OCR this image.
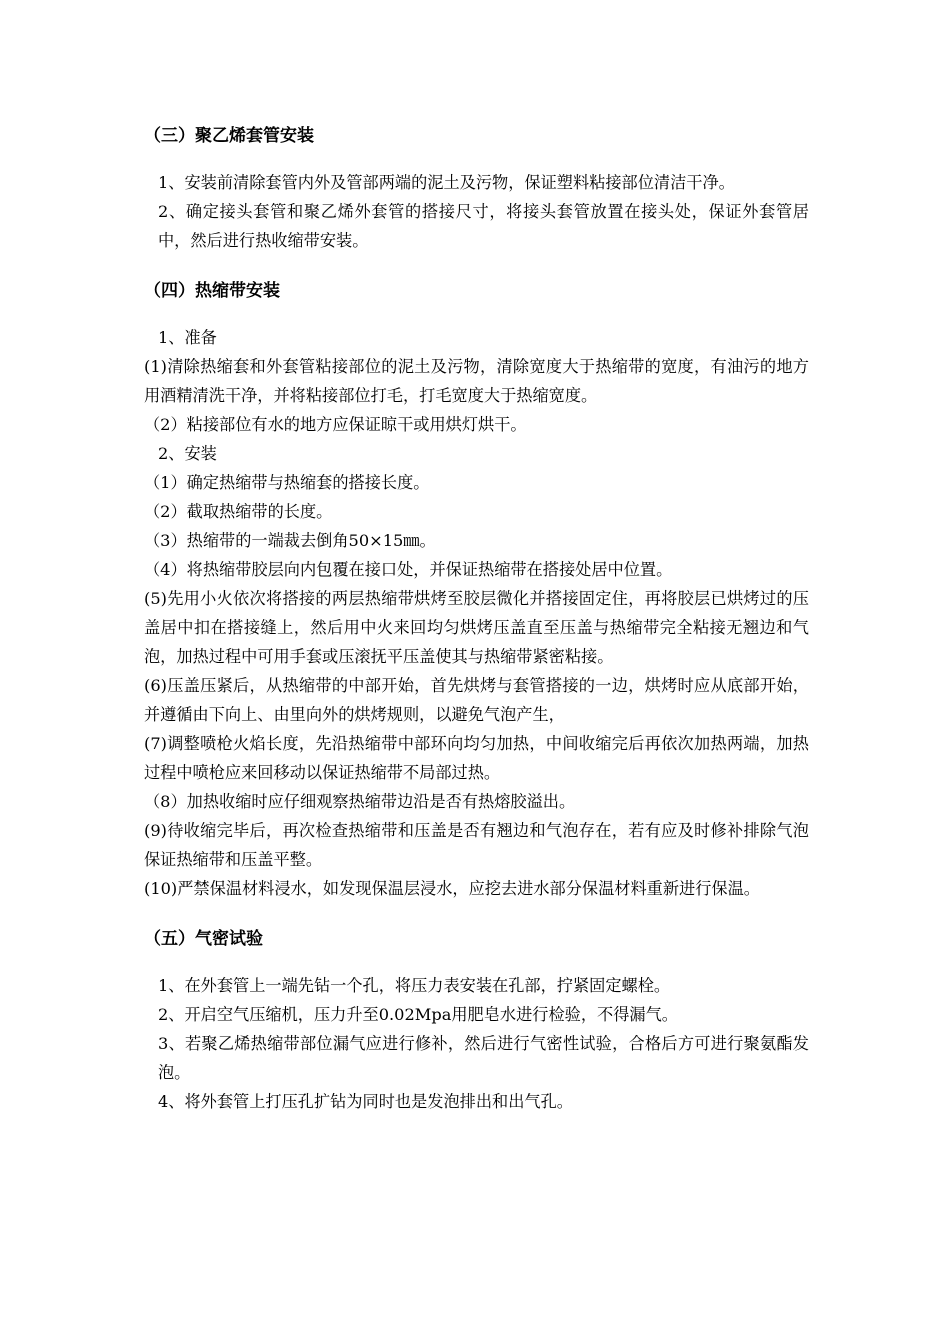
（三）聚乙烯套管安装

1、安装前清除套管内外及管部两端的泥土及污物，保证塑料粘接部位清洁干净。

2、确定接头套管和聚乙烯外套管的搭接尺寸，将接头套管放置在接头处，保证外套管居中，然后进行热收缩带安装。

（四）热缩带安装

1、准备

(1)清除热缩套和外套管粘接部位的泥土及污物，清除宽度大于热缩带的宽度，有油污的地方用酒精清洗干净，并将粘接部位打毛，打毛宽度大于热缩宽度。

（2）粘接部位有水的地方应保证晾干或用烘灯烘干。

2、安装

（1）确定热缩带与热缩套的搭接长度。

（2）截取热缩带的长度。

（3）热缩带的一端裁去倒角50×15㎜。

（4）将热缩带胶层向内包覆在接口处，并保证热缩带在搭接处居中位置。

(5)先用小火依次将搭接的两层热缩带烘烤至胶层微化并搭接固定住，再将胶层已烘烤过的压盖居中扣在搭接缝上，然后用中火来回均匀烘烤压盖直至压盖与热缩带完全粘接无翘边和气泡，加热过程中可用手套或压滚抚平压盖使其与热缩带紧密粘接。

(6)压盖压紧后，从热缩带的中部开始，首先烘烤与套管搭接的一边，烘烤时应从底部开始，并遵循由下向上、由里向外的烘烤规则，以避免气泡产生，

(7)调整喷枪火焰长度，先沿热缩带中部环向均匀加热，中间收缩完后再依次加热两端，加热过程中喷枪应来回移动以保证热缩带不局部过热。

（8）加热收缩时应仔细观察热缩带边沿是否有热熔胶溢出。

(9)待收缩完毕后，再次检查热缩带和压盖是否有翘边和气泡存在，若有应及时修补排除气泡保证热缩带和压盖平整。

(10)严禁保温材料浸水，如发现保温层浸水，应挖去进水部分保温材料重新进行保温。

（五）气密试验

1、在外套管上一端先钻一个孔，将压力表安装在孔部，拧紧固定螺栓。

2、开启空气压缩机，压力升至0.02Mpa用肥皂水进行检验，不得漏气。

3、若聚乙烯热缩带部位漏气应进行修补，然后进行气密性试验，合格后方可进行聚氨酯发泡。

4、将外套管上打压孔扩钻为同时也是发泡排出和出气孔。
